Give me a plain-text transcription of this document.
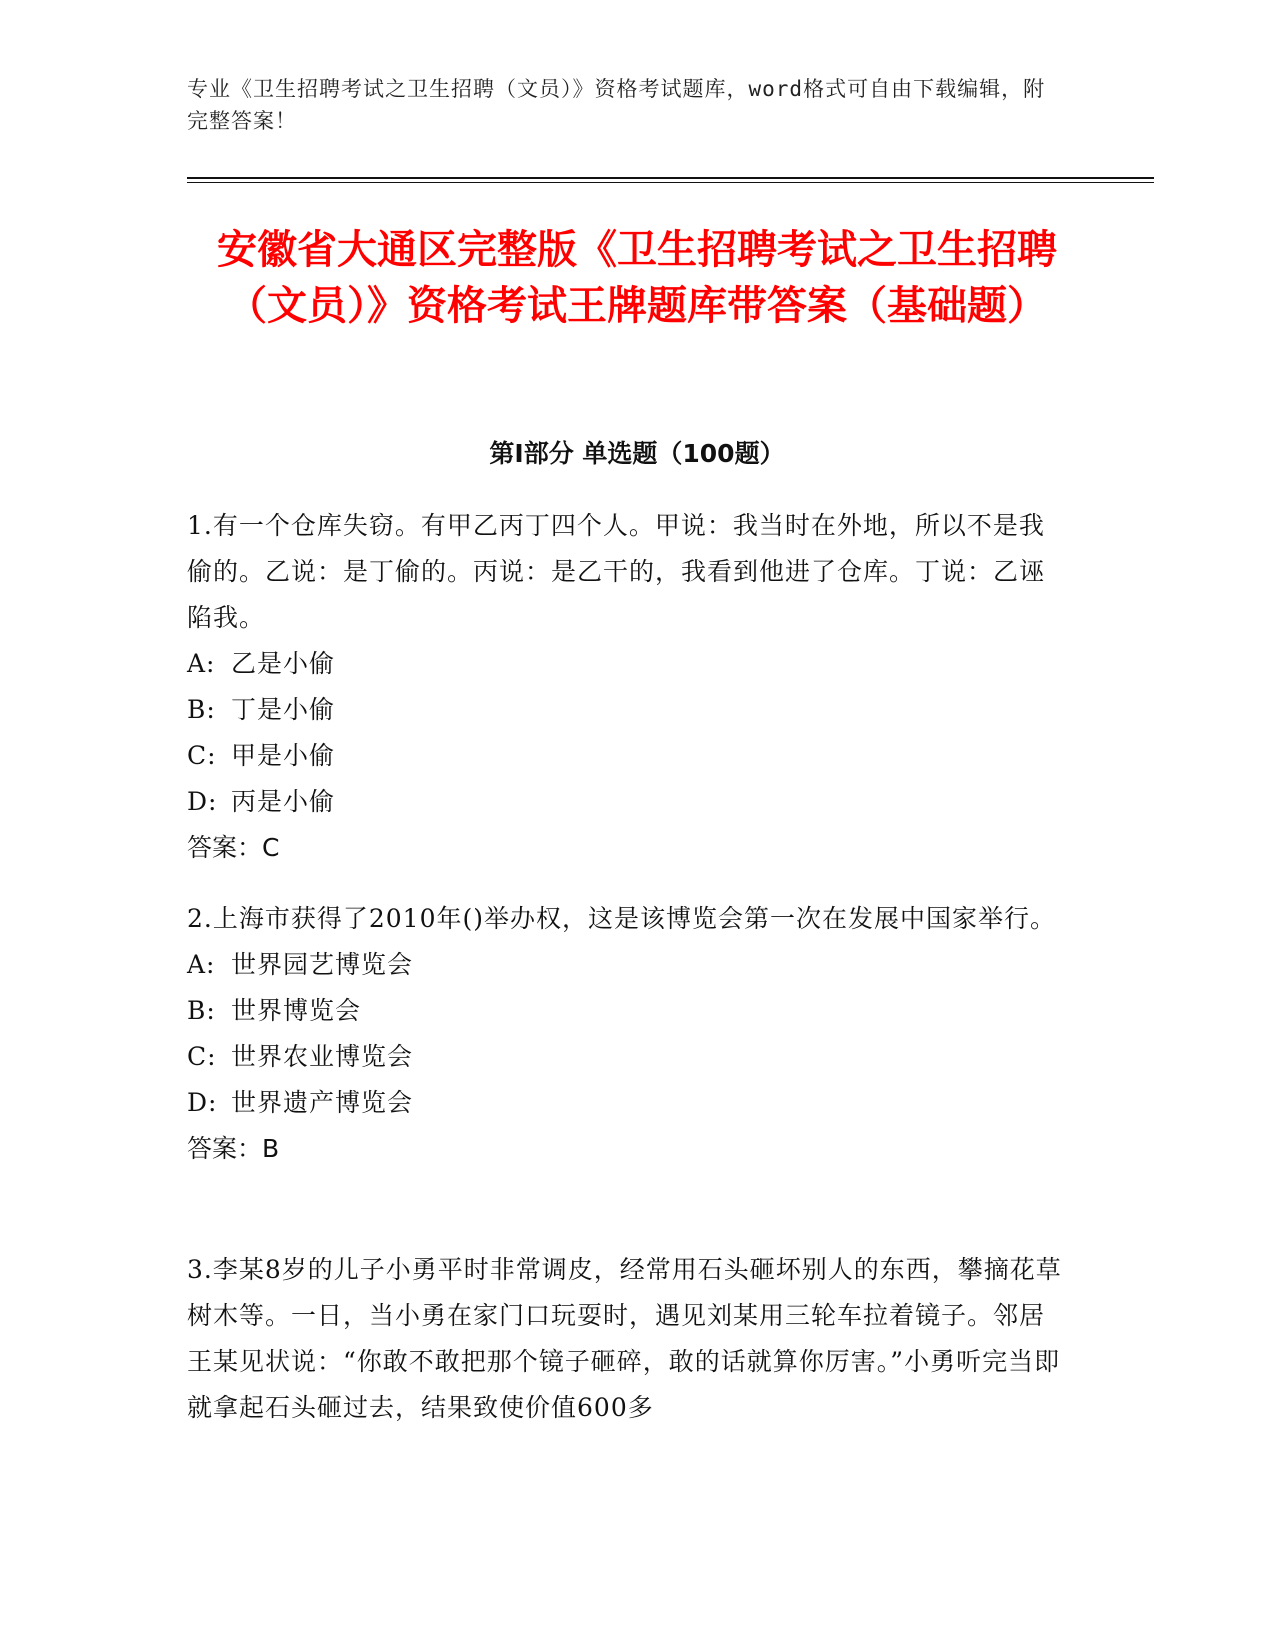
专业《卫生招聘考试之卫生招聘（文员）》资格考试题库，word格式可自由下载编辑，附完整答案！
安徽省大通区完整版《卫生招聘考试之卫生招聘（文员）》资格考试王牌题库带答案（基础题）
第I部分 单选题（100题）
1.有一个仓库失窃。有甲乙丙丁四个人。甲说：我当时在外地，所以不是我偷的。乙说：是丁偷的。丙说：是乙干的，我看到他进了仓库。丁说：乙诬陷我。
A: 乙是小偷
B: 丁是小偷
C: 甲是小偷
D: 丙是小偷
答案：C
2.上海市获得了2010年()举办权，这是该博览会第一次在发展中国家举行。
A: 世界园艺博览会
B: 世界博览会
C: 世界农业博览会
D: 世界遗产博览会
答案：B
3.李某8岁的儿子小勇平时非常调皮，经常用石头砸坏别人的东西，攀摘花草树木等。一日，当小勇在家门口玩耍时，遇见刘某用三轮车拉着镜子。邻居王某见状说：“你敢不敢把那个镜子砸碎，敢的话就算你厉害。”小勇听完当即就拿起石头砸过去，结果致使价值600多
